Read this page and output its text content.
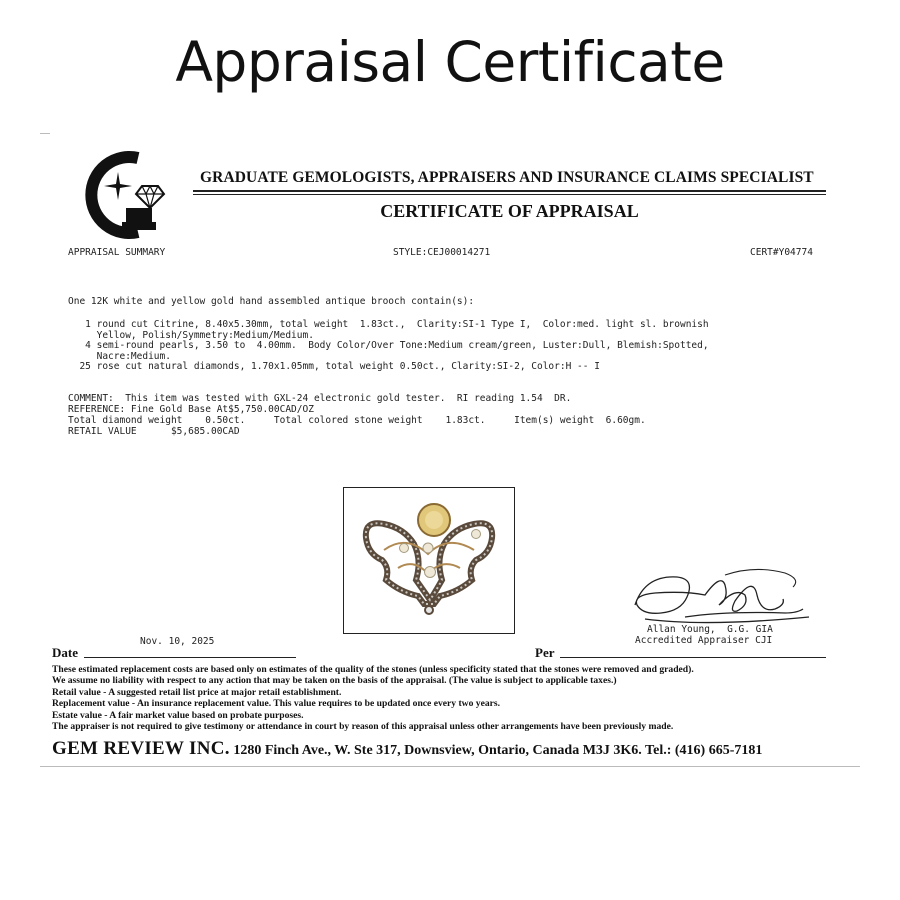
Appraisal Certificate
GRADUATE GEMOLOGISTS, APPRAISERS AND INSURANCE CLAIMS SPECIALIST
CERTIFICATE OF APPRAISAL
APPRAISAL SUMMARY	STYLE:CEJ00014271	CERT#Y04774
One 12K white and yellow gold hand assembled antique brooch contain(s):
1 round cut Citrine, 8.40x5.30mm, total weight  1.83ct.,  Clarity:SI-1 Type I,  Color:med. light sl. brownish
Yellow, Polish/Symmetry:Medium/Medium.
4 semi-round pearls, 3.50 to  4.00mm.  Body Color/Over Tone:Medium cream/green, Luster:Dull, Blemish:Spotted,
Nacre:Medium.
25 rose cut natural diamonds, 1.70x1.05mm, total weight 0.50ct., Clarity:SI-2, Color:H -- I
COMMENT:  This item was tested with GXL-24 electronic gold tester.  RI reading 1.54  DR.
REFERENCE: Fine Gold Base At$5,750.00CAD/OZ
Total diamond weight    0.50ct.     Total colored stone weight    1.83ct.     Item(s) weight  6.60gm.
RETAIL VALUE      $5,685.00CAD
Allan Young,  G.G. GIA
Accredited Appraiser CJI
Nov. 10, 2025
Date	Per
These estimated replacement costs are based only on estimates of the quality of the stones (unless specificity stated that the stones were removed and graded).
We assume no liability with respect to any action that may be taken on the basis of the appraisal. (The value is subject to applicable taxes.)
Retail value - A suggested retail list price at major retail establishment.
Replacement value - An insurance replacement value. This value requires to be updated once every two years.
Estate value - A fair market value based on probate purposes.
The appraiser is not required to give testimony or attendance in court by reason of this appraisal unless other arrangements have been previously made.
GEM REVIEW INC. 1280 Finch Ave., W. Ste 317, Downsview, Ontario, Canada M3J 3K6. Tel.: (416) 665-7181
